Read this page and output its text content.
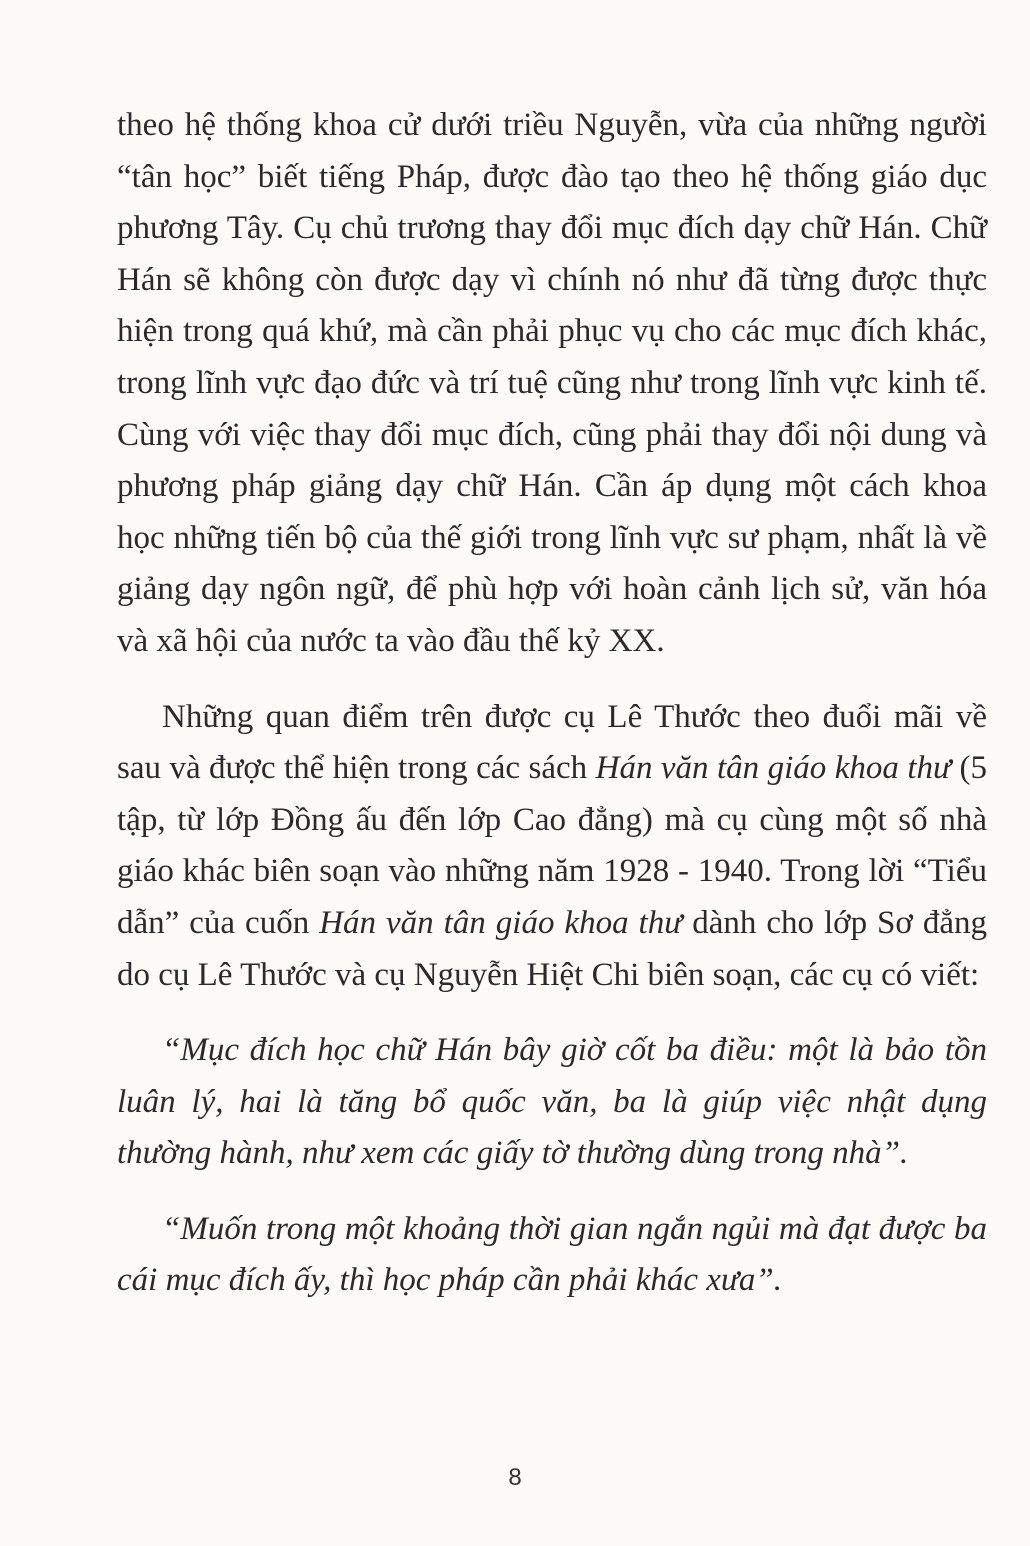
theo hệ thống khoa cử dưới triều Nguyễn, vừa của những người “tân học” biết tiếng Pháp, được đào tạo theo hệ thống giáo dục phương Tây. Cụ chủ trương thay đổi mục đích dạy chữ Hán. Chữ Hán sẽ không còn được dạy vì chính nó như đã từng được thực hiện trong quá khứ, mà cần phải phục vụ cho các mục đích khác, trong lĩnh vực đạo đức và trí tuệ cũng như trong lĩnh vực kinh tế. Cùng với việc thay đổi mục đích, cũng phải thay đổi nội dung và phương pháp giảng dạy chữ Hán. Cần áp dụng một cách khoa học những tiến bộ của thế giới trong lĩnh vực sư phạm, nhất là về giảng dạy ngôn ngữ, để phù hợp với hoàn cảnh lịch sử, văn hóa và xã hội của nước ta vào đầu thế kỷ XX.

Những quan điểm trên được cụ Lê Thước theo đuổi mãi về sau và được thể hiện trong các sách Hán văn tân giáo khoa thư (5 tập, từ lớp Đồng ấu đến lớp Cao đẳng) mà cụ cùng một số nhà giáo khác biên soạn vào những năm 1928 - 1940. Trong lời “Tiểu dẫn” của cuốn Hán văn tân giáo khoa thư dành cho lớp Sơ đẳng do cụ Lê Thước và cụ Nguyễn Hiệt Chi biên soạn, các cụ có viết:

“Mục đích học chữ Hán bây giờ cốt ba điều: một là bảo tồn luân lý, hai là tăng bổ quốc văn, ba là giúp việc nhật dụng thường hành, như xem các giấy tờ thường dùng trong nhà”.

“Muốn trong một khoảng thời gian ngắn ngủi mà đạt được ba cái mục đích ấy, thì học pháp cần phải khác xưa”.

8
